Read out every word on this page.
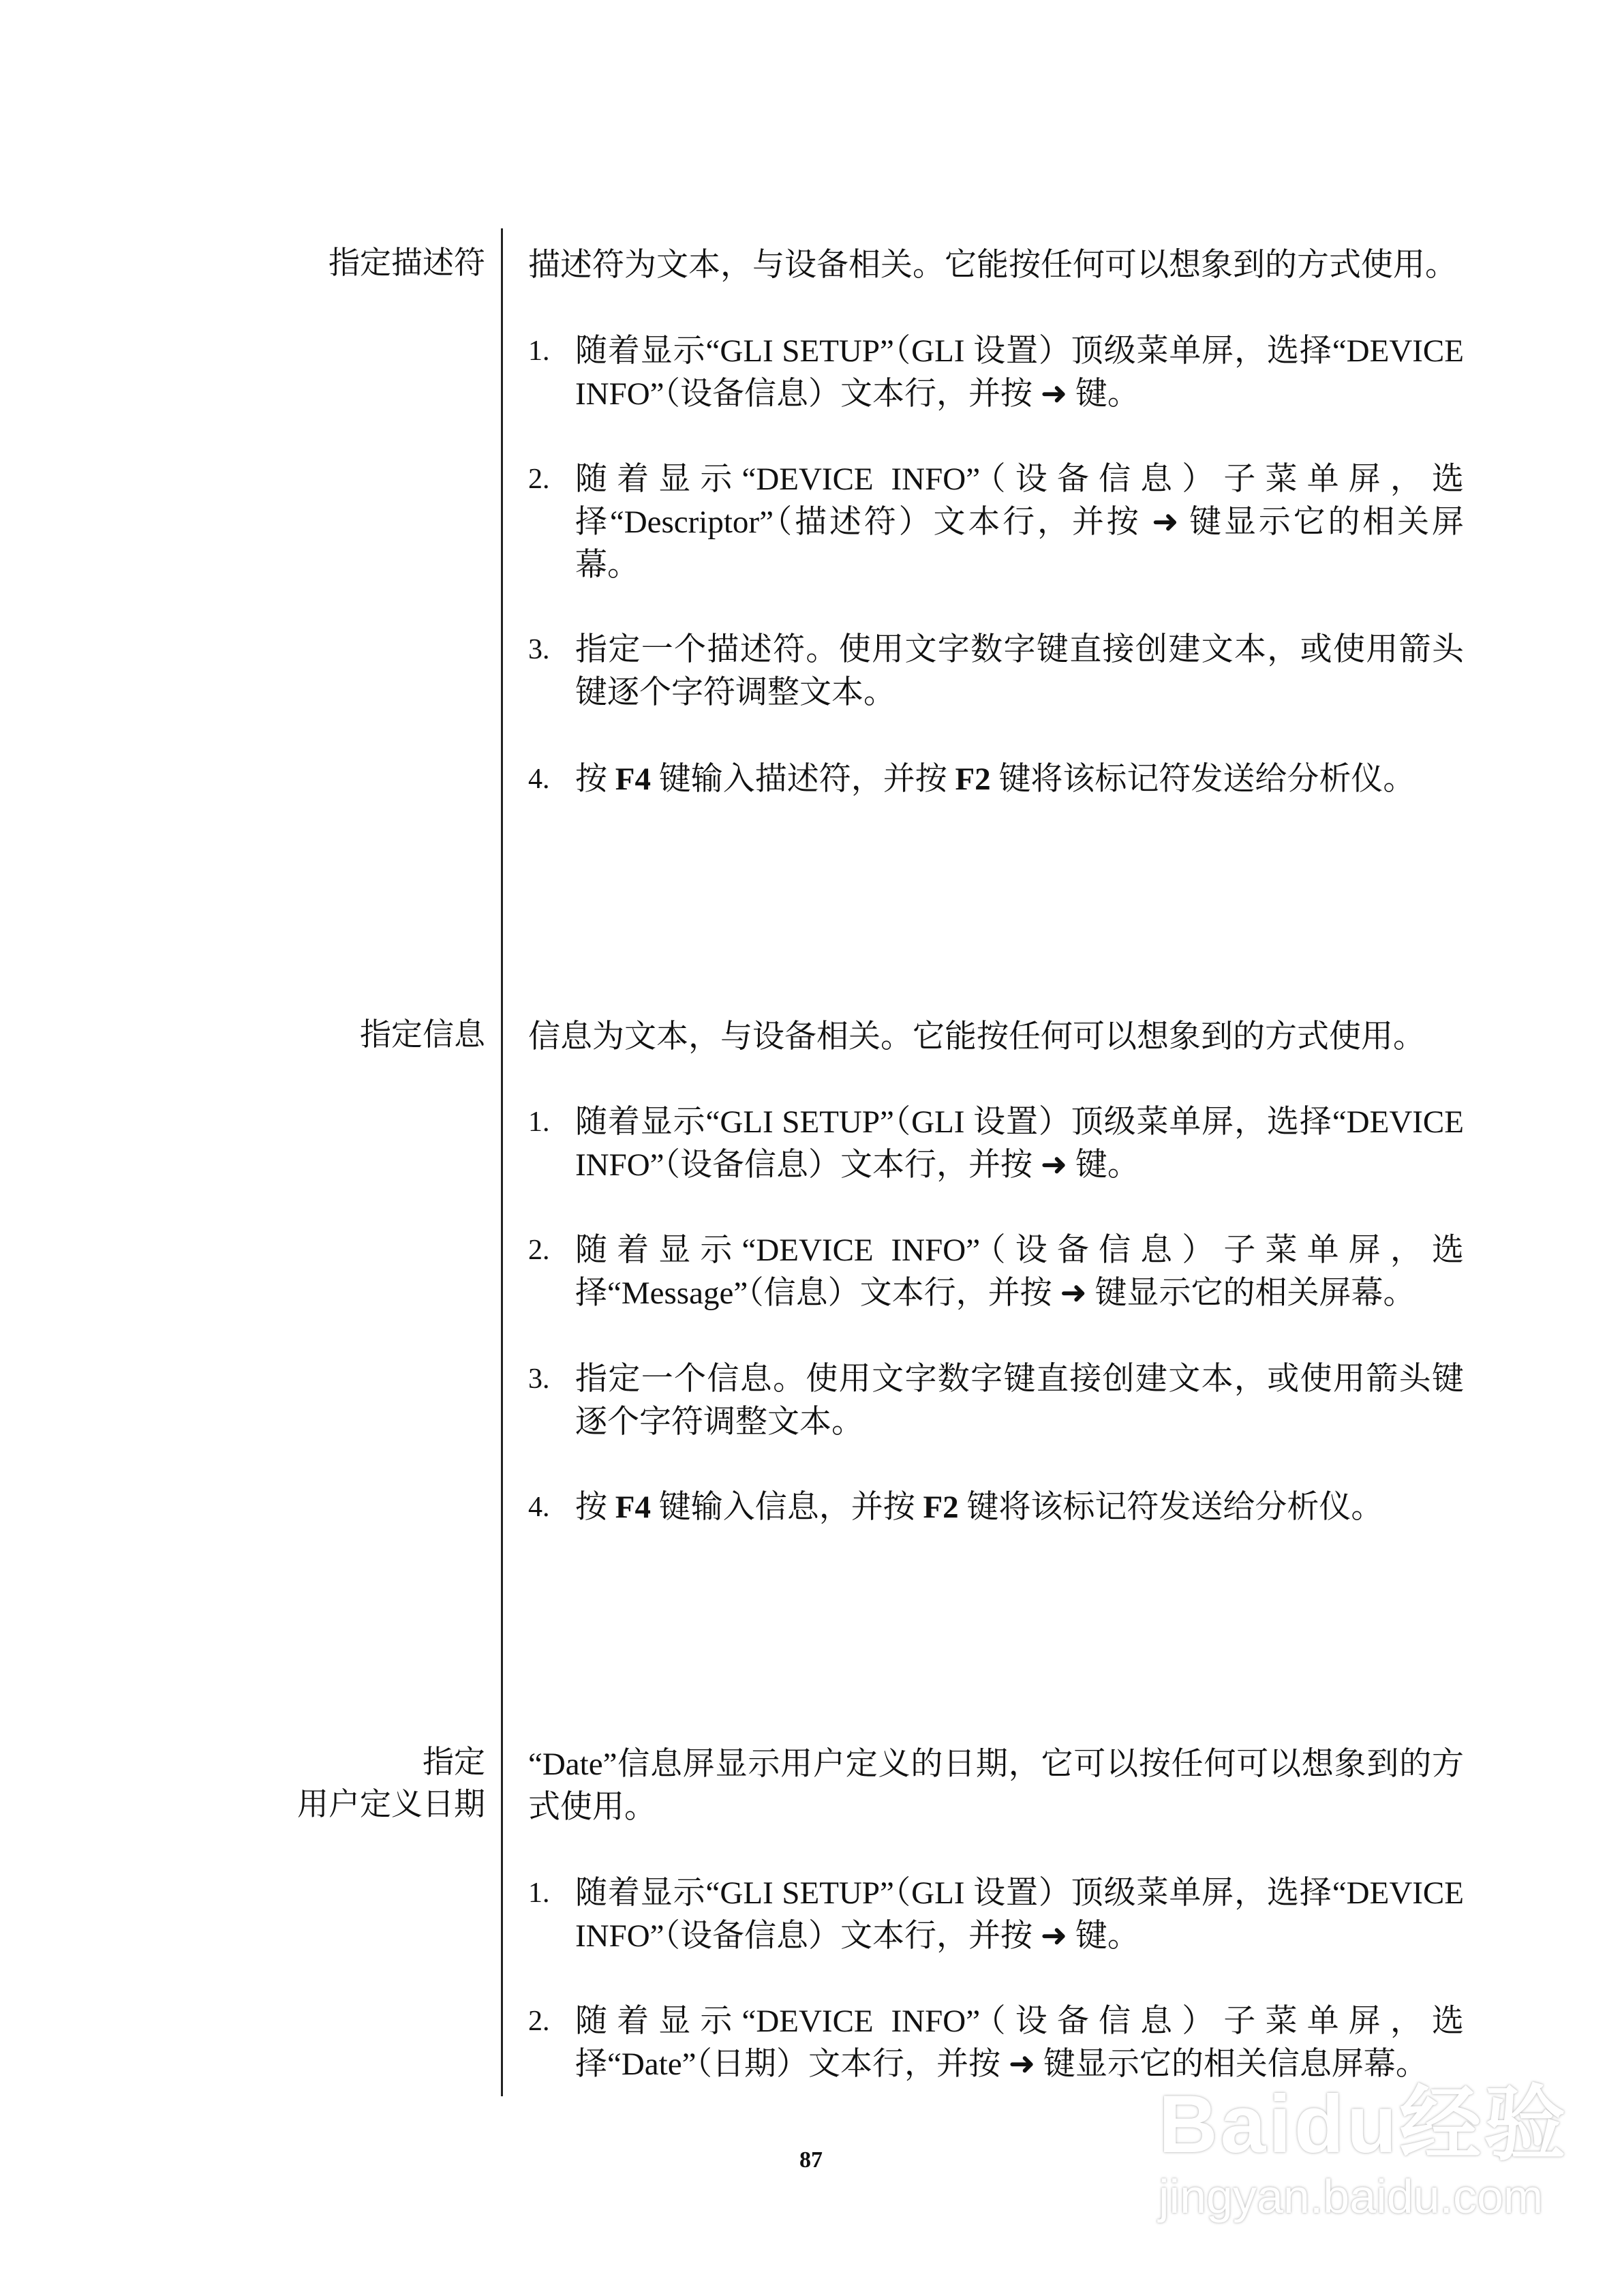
指定描述符 描述符为文本，与设备相关。它能按任何可以想象到的方式使用。
1. 随着显示“GLI SETUP”（GLI 设置）顶级菜单屏，选择“DEVICE INFO”（设备信息）文本行，并按 ➜ 键。
2. 随着显示“DEVICE INFO”（设备信息）子菜单屏，选择“Descriptor”（描述符）文本行，并按 ➜ 键显示它的相关屏幕。
3. 指定一个描述符。使用文字数字键直接创建文本，或使用箭头键逐个字符调整文本。
4. 按 F4 键输入描述符，并按 F2 键将该标记符发送给分析仪。
指定信息 信息为文本，与设备相关。它能按任何可以想象到的方式使用。
1. 随着显示“GLI SETUP”（GLI 设置）顶级菜单屏，选择“DEVICE INFO”（设备信息）文本行，并按 ➜ 键。
2. 随着显示“DEVICE INFO”（设备信息）子菜单屏，选择“Message”（信息）文本行，并按 ➜ 键显示它的相关屏幕。
3. 指定一个信息。使用文字数字键直接创建文本，或使用箭头键逐个字符调整文本。
4. 按 F4 键输入信息，并按 F2 键将该标记符发送给分析仪。
指定
用户定义日期
“Date”信息屏显示用户定义的日期，它可以按任何可以想象到的方式使用。
1. 随着显示“GLI SETUP”（GLI 设置）顶级菜单屏，选择“DEVICE INFO”（设备信息）文本行，并按 ➜ 键。
2. 随着显示“DEVICE INFO”（设备信息）子菜单屏，选择“Date”（日期）文本行，并按 ➜ 键显示它的相关信息屏幕。
87	Baidu经验
jingyan.baidu.com
